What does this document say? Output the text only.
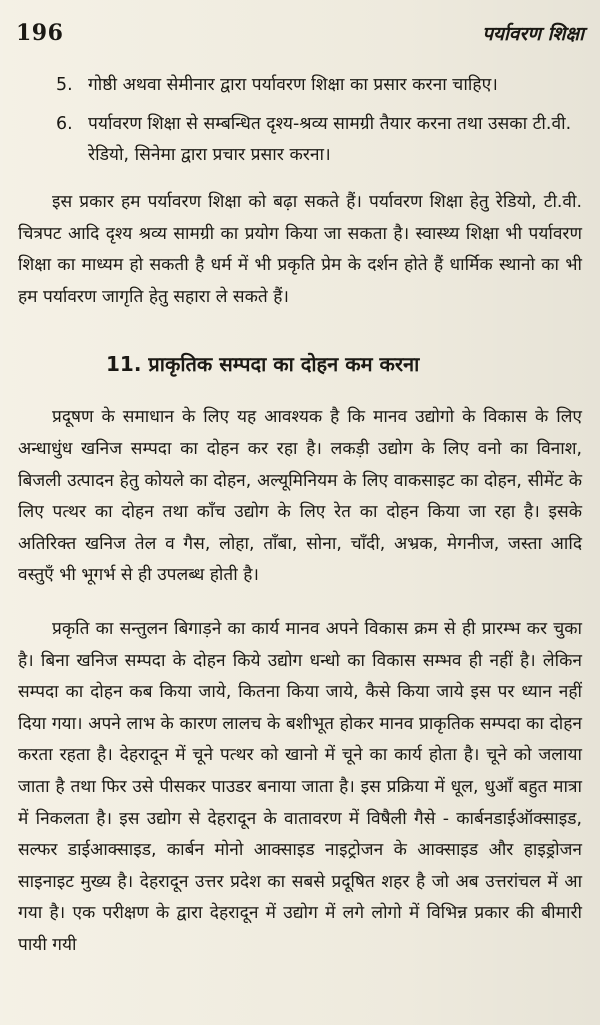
196	पर्यावरण शिक्षा
5. गोष्ठी अथवा सेमीनार द्वारा पर्यावरण शिक्षा का प्रसार करना चाहिए।
6. पर्यावरण शिक्षा से सम्बन्धित दृश्य-श्रव्य सामग्री तैयार करना तथा उसका टी.वी. रेडियो, सिनेमा द्वारा प्रचार प्रसार करना।

इस प्रकार हम पर्यावरण शिक्षा को बढ़ा सकते हैं। पर्यावरण शिक्षा हेतु रेडियो, टी.वी. चित्रपट आदि दृश्य श्रव्य सामग्री का प्रयोग किया जा सकता है। स्वास्थ्य शिक्षा भी पर्यावरण शिक्षा का माध्यम हो सकती है धर्म में भी प्रकृति प्रेम के दर्शन होते हैं धार्मिक स्थानो का भी हम पर्यावरण जागृति हेतु सहारा ले सकते हैं।

11. प्राकृतिक सम्पदा का दोहन कम करना

प्रदूषण के समाधान के लिए यह आवश्यक है कि मानव उद्योगो के विकास के लिए अन्धाधुंध खनिज सम्पदा का दोहन कर रहा है। लकड़ी उद्योग के लिए वनो का विनाश, बिजली उत्पादन हेतु कोयले का दोहन, अल्यूमिनियम के लिए वाकसाइट का दोहन, सीमेंट के लिए पत्थर का दोहन तथा काँच उद्योग के लिए रेत का दोहन किया जा रहा है। इसके अतिरिक्त खनिज तेल व गैस, लोहा, ताँबा, सोना, चाँदी, अभ्रक, मेगनीज, जस्ता आदि वस्तुएँ भी भूगर्भ से ही उपलब्ध होती है।

प्रकृति का सन्तुलन बिगाड़ने का कार्य मानव अपने विकास क्रम से ही प्रारम्भ कर चुका है। बिना खनिज सम्पदा के दोहन किये उद्योग धन्धो का विकास सम्भव ही नहीं है। लेकिन सम्पदा का दोहन कब किया जाये, कितना किया जाये, कैसे किया जाये इस पर ध्यान नहीं दिया गया। अपने लाभ के कारण लालच के बशीभूत होकर मानव प्राकृतिक सम्पदा का दोहन करता रहता है। देहरादून में चूने पत्थर को खानो में चूने का कार्य होता है। चूने को जलाया जाता है तथा फिर उसे पीसकर पाउडर बनाया जाता है। इस प्रक्रिया में धूल, धुआँ बहुत मात्रा में निकलता है। इस उद्योग से देहरादून के वातावरण में विषैली गैसे - कार्बनडाईऑक्साइड, सल्फर डाईआक्साइड, कार्बन मोनो आक्साइड नाइट्रोजन के आक्साइड और हाइड्रोजन साइनाइट मुख्य है। देहरादून उत्तर प्रदेश का सबसे प्रदूषित शहर है जो अब उत्तरांचल में आ गया है। एक परीक्षण के द्वारा देहरादून में उद्योग में लगे लोगो में विभिन्न प्रकार की बीमारी पायी गयी
